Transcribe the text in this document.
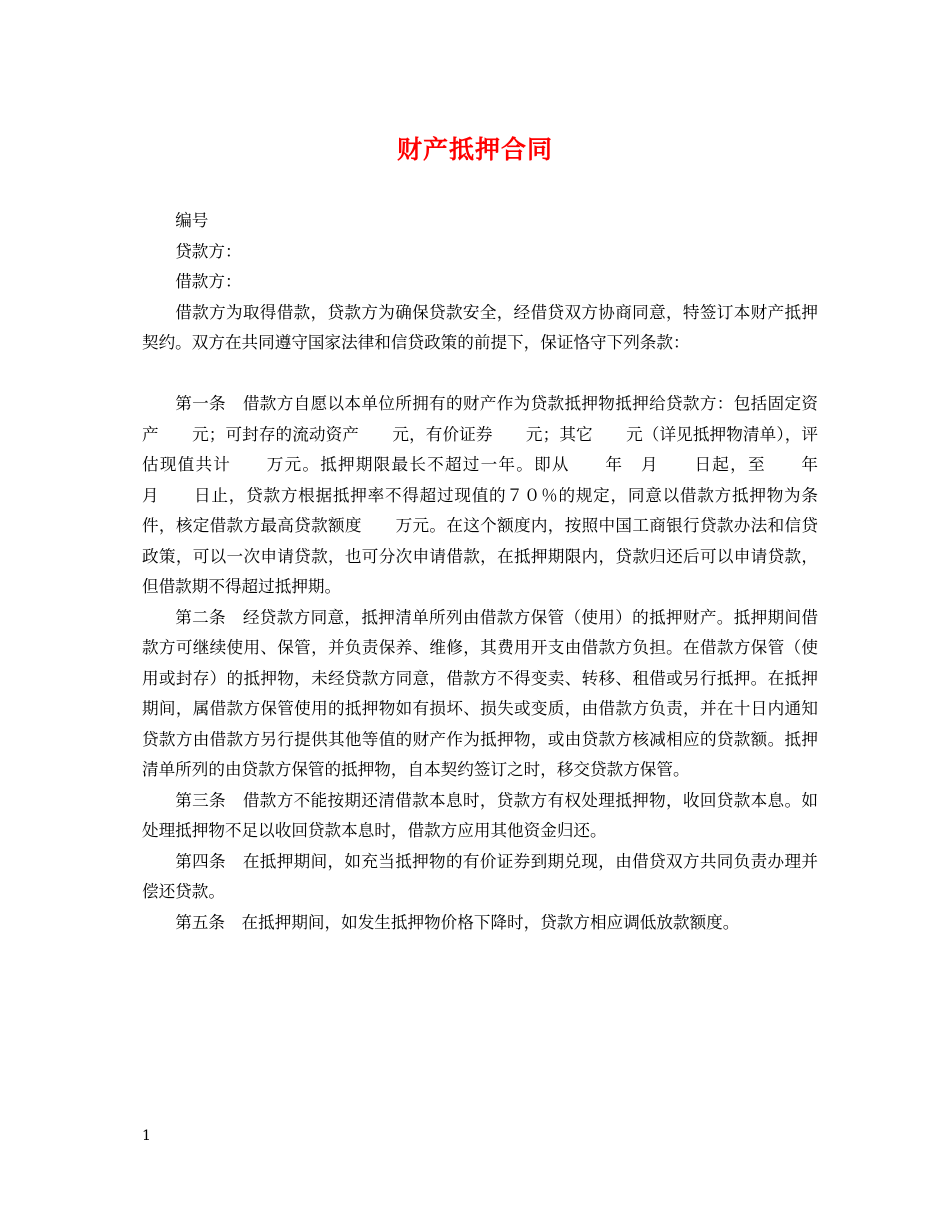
财产抵押合同

编号

贷款方：

借款方：

借款方为取得借款，贷款方为确保贷款安全，经借贷双方协商同意，特签订本财产抵押契约。双方在共同遵守国家法律和信贷政策的前提下，保证恪守下列条款：

第一条　借款方自愿以本单位所拥有的财产作为贷款抵押物抵押给贷款方：包括固定资产　　元；可封存的流动资产　　元，有价证券　　元；其它　　元（详见抵押物清单），评估现值共计　　万元。抵押期限最长不超过一年。即从　　年　月　　日起，至　　年　　月　　日止，贷款方根据抵押率不得超过现值的７０％的规定，同意以借款方抵押物为条件，核定借款方最高贷款额度　　万元。在这个额度内，按照中国工商银行贷款办法和信贷政策，可以一次申请贷款，也可分次申请借款，在抵押期限内，贷款归还后可以申请贷款，但借款期不得超过抵押期。

第二条　经贷款方同意，抵押清单所列由借款方保管（使用）的抵押财产。抵押期间借款方可继续使用、保管，并负责保养、维修，其费用开支由借款方负担。在借款方保管（使用或封存）的抵押物，未经贷款方同意，借款方不得变卖、转移、租借或另行抵押。在抵押期间，属借款方保管使用的抵押物如有损坏、损失或变质，由借款方负责，并在十日内通知贷款方由借款方另行提供其他等值的财产作为抵押物，或由贷款方核减相应的贷款额。抵押清单所列的由贷款方保管的抵押物，自本契约签订之时，移交贷款方保管。

第三条　借款方不能按期还清借款本息时，贷款方有权处理抵押物，收回贷款本息。如处理抵押物不足以收回贷款本息时，借款方应用其他资金归还。

第四条　在抵押期间，如充当抵押物的有价证券到期兑现，由借贷双方共同负责办理并偿还贷款。

第五条　在抵押期间，如发生抵押物价格下降时，贷款方相应调低放款额度。

1
